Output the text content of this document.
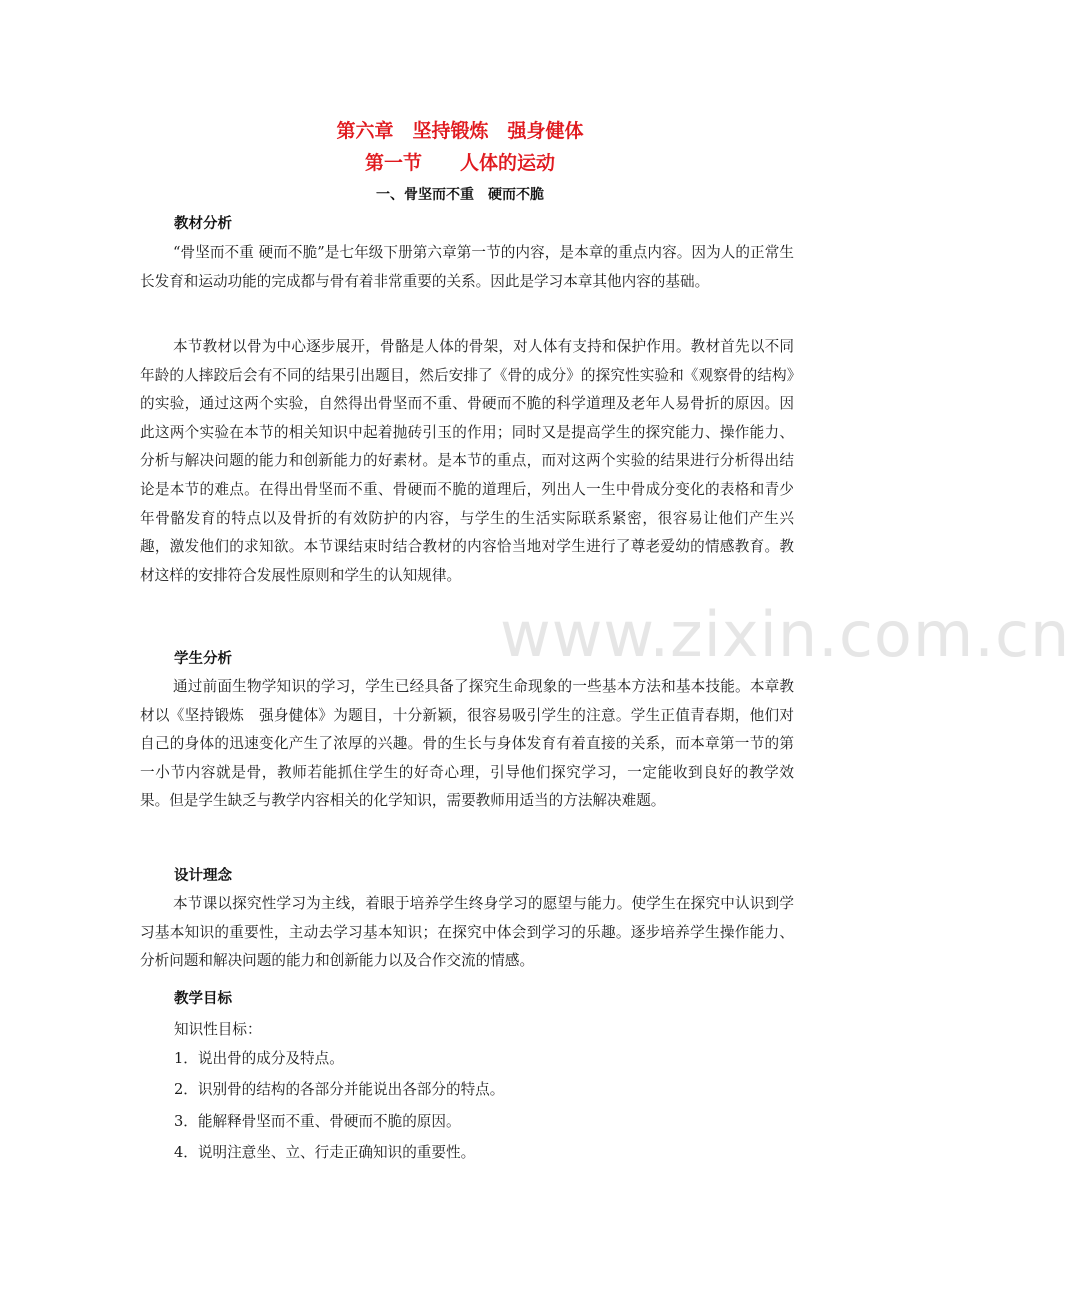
www.zixin.com.cn
第六章　坚持锻炼　强身健体
第一节　　人体的运动
一、骨坚而不重　硬而不脆
教材分析

“骨坚而不重 硬而不脆”是七年级下册第六章第一节的内容，是本章的重点内容。因为人的正常生长发育和运动功能的完成都与骨有着非常重要的关系。因此是学习本章其他内容的基础。

本节教材以骨为中心逐步展开，骨骼是人体的骨架，对人体有支持和保护作用。教材首先以不同年龄的人摔跤后会有不同的结果引出题目，然后安排了《骨的成分》的探究性实验和《观察骨的结构》的实验，通过这两个实验，自然得出骨坚而不重、骨硬而不脆的科学道理及老年人易骨折的原因。因此这两个实验在本节的相关知识中起着抛砖引玉的作用；同时又是提高学生的探究能力、操作能力、分析与解决问题的能力和创新能力的好素材。是本节的重点，而对这两个实验的结果进行分析得出结论是本节的难点。在得出骨坚而不重、骨硬而不脆的道理后，列出人一生中骨成分变化的表格和青少年骨骼发育的特点以及骨折的有效防护的内容，与学生的生活实际联系紧密，很容易让他们产生兴趣，激发他们的求知欲。本节课结束时结合教材的内容恰当地对学生进行了尊老爱幼的情感教育。教材这样的安排符合发展性原则和学生的认知规律。

学生分析

通过前面生物学知识的学习，学生已经具备了探究生命现象的一些基本方法和基本技能。本章教材以《坚持锻炼　强身健体》为题目，十分新颖，很容易吸引学生的注意。学生正值青春期，他们对自己的身体的迅速变化产生了浓厚的兴趣。骨的生长与身体发育有着直接的关系，而本章第一节的第一小节内容就是骨，教师若能抓住学生的好奇心理，引导他们探究学习，一定能收到良好的教学效果。但是学生缺乏与教学内容相关的化学知识，需要教师用适当的方法解决难题。

设计理念

本节课以探究性学习为主线，着眼于培养学生终身学习的愿望与能力。使学生在探究中认识到学习基本知识的重要性，主动去学习基本知识；在探究中体会到学习的乐趣。逐步培养学生操作能力、分析问题和解决问题的能力和创新能力以及合作交流的情感。

教学目标
知识性目标：
1．说出骨的成分及特点。
2．识别骨的结构的各部分并能说出各部分的特点。
3．能解释骨坚而不重、骨硬而不脆的原因。
4．说明注意坐、立、行走正确知识的重要性。
